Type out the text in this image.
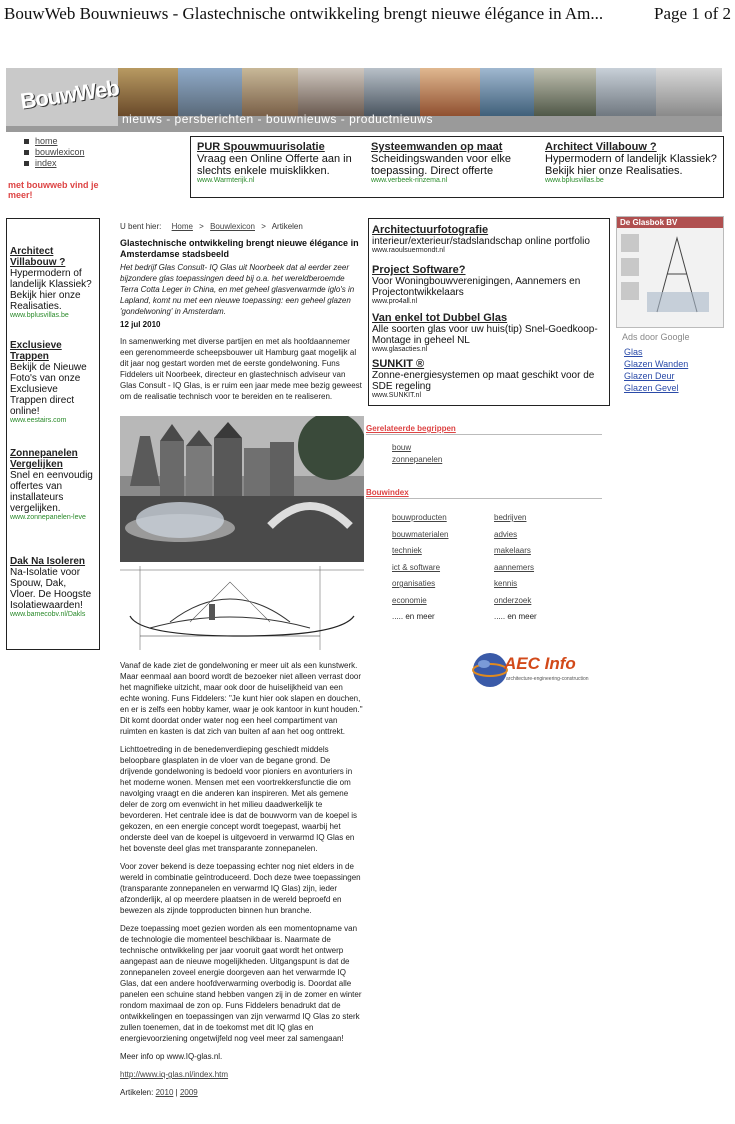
BouwWeb Bouwnieuws - Glastechnische ontwikkeling brengt nieuwe élégance in Am...	Page 1 of 2
BouwWeb
nieuws - persberichten - bouwnieuws - productnieuws
home
bouwlexicon
index
met bouwweb vind je meer!
PUR Spouwmuurisolatie
Vraag een Online Offerte aan in slechts enkele muisklikken.
www.Warmterijk.nl
Systeemwanden op maat
Scheidingswanden voor elke toepassing. Direct offerte
www.verbeek-rinzema.nl
Architect Villabouw ?
Hypermodern of landelijk Klassiek? Bekijk hier onze Realisaties.
www.bplusvillas.be
Architect Villabouw ?
Hypermodern of landelijk Klassiek? Bekijk hier onze Realisaties.
www.bplusvillas.be
Exclusieve Trappen
Bekijk de Nieuwe Foto's van onze Exclusieve Trappen direct online!
www.eestairs.com
Zonnepanelen Vergelijken
Snel en eenvoudig offertes van installateurs vergelijken.
www.zonnepanelen-leve
Dak Na Isoleren
Na-Isolatie voor Spouw, Dak, Vloer. De Hoogste Isolatiewaarden!
www.bamecobv.nl/Dakls
U bent hier: Home > Bouwlexicon > Artikelen
Glastechnische ontwikkeling brengt nieuwe élégance in Amsterdamse stadsbeeld
Het bedrijf Glas Consult- IQ Glas uit Noorbeek dat al eerder zeer bijzondere glas toepassingen deed bij o.a. het wereldberoemde Terra Cotta Leger in China, en met geheel glasverwarmde iglo's in Lapland, komt nu met een nieuwe toepassing: een geheel glazen 'gondelwoning' in Amsterdam.
12 jul 2010
In samenwerking met diverse partijen en met als hoofdaannemer een gerenommeerde scheepsbouwer uit Hamburg gaat mogelijk al dit jaar nog gestart worden met de eerste gondelwoning. Funs Fiddelers uit Noorbeek, directeur en glastechnisch adviseur van Glas Consult - IQ Glas, is er ruim een jaar mede mee bezig geweest om de realisatie technisch voor te bereiden en te realiseren.

Vanaf de kade ziet de gondelwoning er meer uit als een kunstwerk. Maar eenmaal aan boord wordt de bezoeker niet alleen verrast door het magnifieke uitzicht, maar ook door de huiselijkheid van een echte woning. Funs Fiddelers: "Je kunt hier ook slapen en douchen, en er is zelfs een hobby kamer, waar je ook kantoor in kunt houden." Dit komt doordat onder water nog een heel compartiment van ruimten en kasten is dat zich van buiten af aan het oog onttrekt.

Lichttoetreding in de benedenverdieping geschiedt middels beloopbare glasplaten in de vloer van de begane grond. De drijvende gondelwoning is bedoeld voor pioniers en avonturiers in het moderne wonen. Mensen met een voortrekkersfunctie die om navolging vraagt en die anderen kan inspireren. Met als gemene deler de zorg om evenwicht in het milieu daadwerkelijk te bevorderen. Het centrale idee is dat de bouwvorm van de koepel is gekozen, en een energie concept wordt toegepast, waarbij het onderste deel van de koepel is uitgevoerd in verwarmd IQ Glas en het bovenste deel glas met transparante zonnepanelen.

Voor zover bekend is deze toepassing echter nog niet elders in de wereld in combinatie geïntroduceerd. Doch deze twee toepassingen (transparante zonnepanelen en verwarmd IQ Glas) zijn, ieder afzonderlijk, al op meerdere plaatsen in de wereld beproefd en bewezen als zijnde topproducten binnen hun branche.

Deze toepassing moet gezien worden als een momentopname van de technologie die momenteel beschikbaar is. Naarmate de technische ontwikkeling per jaar vooruit gaat wordt het ontwerp aangepast aan de nieuwe mogelijkheden. Uitgangspunt is dat de zonnepanelen zoveel energie doorgeven aan het verwarmde IQ Glas, dat een andere hoofdverwarming overbodig is. Doordat alle panelen een schuine stand hebben vangen zij in de zomer en winter rondom maximaal de zon op. Funs Fiddelers benadrukt dat de ontwikkelingen en toepassingen van zijn verwarmd IQ Glas zo sterk zullen toenemen, dat in de toekomst met dit IQ glas en energievoorziening ongetwijfeld nog veel meer zal samengaan!

Meer info op www.IQ-glas.nl.

http://www.iq-glas.nl/index.htm

Artikelen: 2010 | 2009

Architectuurfotografie
interieur/exterieur/stadslandschap online portfolio
www.raoulsuermondt.nl
Project Software?
Voor Woningbouwverenigingen, Aannemers en Projectontwikkelaars
www.pro4all.nl
Van enkel tot Dubbel Glas
Alle soorten glas voor uw huis(tip) Snel-Goedkoop-Montage in geheel NL
www.glasacties.nl
SUNKIT ®
Zonne-energiesystemen op maat geschikt voor de SDE regeling
www.SUNKIT.nl
De Glasbok BV
Ads door Google
Glas
Glazen Wanden
Glazen Deur
Glazen Gevel
Gerelateerde begrippen
bouw
zonnepanelen
Bouwindex
bouwproducten
bouwmaterialen
techniek
ict & software
organisaties
economie
..... en meer
bedrijven
advies
makelaars
aannemers
kennis
onderzoek
..... en meer
AEC Info
architecture-engineering-construction
